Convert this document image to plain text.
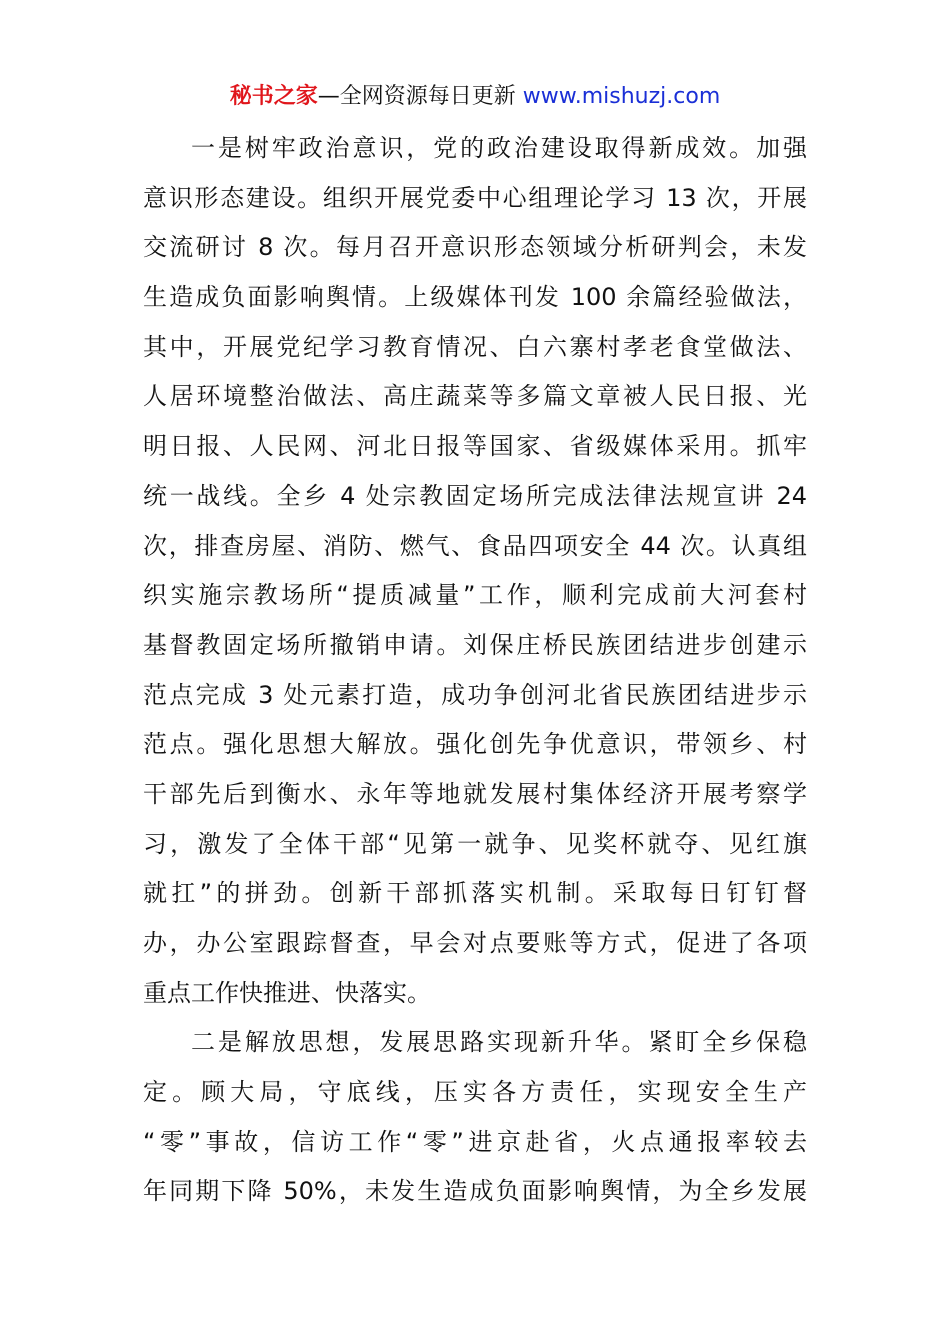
秘书之家—全网资源每日更新 www.mishuzj.com
一是树牢政治意识，党的政治建设取得新成效。加强
意识形态建设。组织开展党委中心组理论学习 13 次，开展
交流研讨 8 次。每月召开意识形态领域分析研判会，未发
生造成负面影响舆情。上级媒体刊发 100 余篇经验做法，
其中，开展党纪学习教育情况、白六寨村孝老食堂做法、
人居环境整治做法、高庄蔬菜等多篇文章被人民日报、光
明日报、人民网、河北日报等国家、省级媒体采用。抓牢
统一战线。全乡 4 处宗教固定场所完成法律法规宣讲 24
次，排查房屋、消防、燃气、食品四项安全 44 次。认真组
织实施宗教场所“提质减量”工作，顺利完成前大河套村
基督教固定场所撤销申请。刘保庄桥民族团结进步创建示
范点完成 3 处元素打造，成功争创河北省民族团结进步示
范点。强化思想大解放。强化创先争优意识，带领乡、村
干部先后到衡水、永年等地就发展村集体经济开展考察学
习，激发了全体干部“见第一就争、见奖杯就夺、见红旗
就扛”的拼劲。创新干部抓落实机制。采取每日钉钉督
办，办公室跟踪督查，早会对点要账等方式，促进了各项
重点工作快推进、快落实。
二是解放思想，发展思路实现新升华。紧盯全乡保稳
定。顾大局，守底线，压实各方责任，实现安全生产
“零”事故，信访工作“零”进京赴省，火点通报率较去
年同期下降 50%，未发生造成负面影响舆情，为全乡发展
